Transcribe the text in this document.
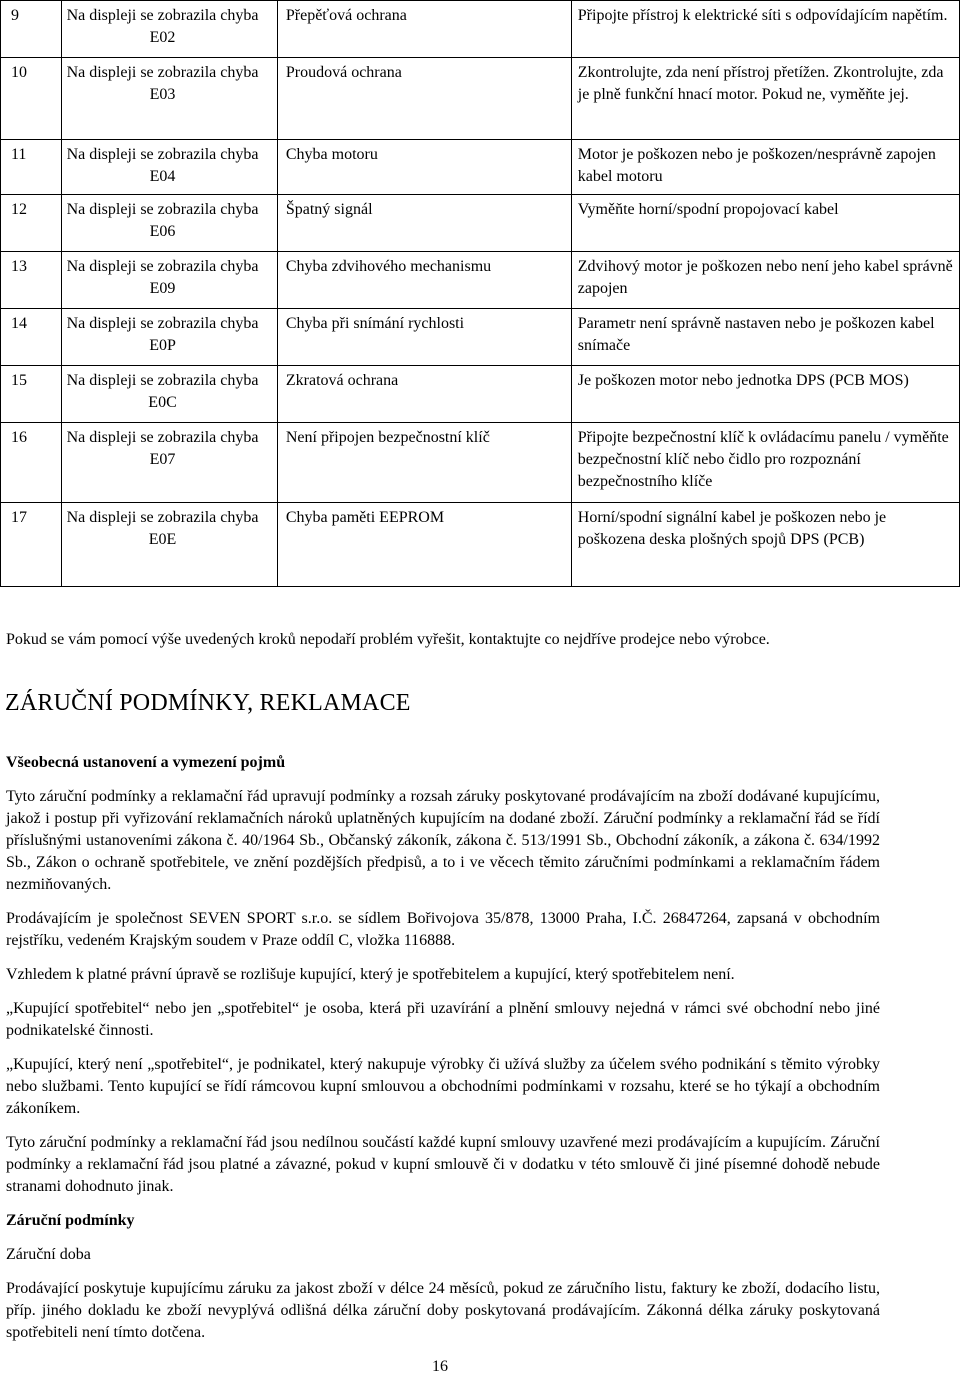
9	Na displeji se zobrazila chyba E02	Přepěťová ochrana	Připojte přístroj k elektrické síti s odpovídajícím napětím.
10	Na displeji se zobrazila chyba E03	Proudová ochrana	Zkontrolujte, zda není přístroj přetížen. Zkontrolujte, zda je plně funkční hnací motor. Pokud ne, vyměňte jej.
11	Na displeji se zobrazila chyba E04	Chyba motoru	Motor je poškozen nebo je poškozen/nesprávně zapojen kabel motoru
12	Na displeji se zobrazila chyba E06	Špatný signál	Vyměňte horní/spodní propojovací kabel
13	Na displeji se zobrazila chyba E09	Chyba zdvihového mechanismu	Zdvihový motor je poškozen nebo není jeho kabel správně zapojen
14	Na displeji se zobrazila chyba E0P	Chyba při snímání rychlosti	Parametr není správně nastaven nebo je poškozen kabel snímače
15	Na displeji se zobrazila chyba E0C	Zkratová ochrana	Je poškozen motor nebo jednotka DPS (PCB MOS)
16	Na displeji se zobrazila chyba E07	Není připojen bezpečnostní klíč	Připojte bezpečnostní klíč k ovládacímu panelu / vyměňte bezpečnostní klíč nebo čidlo pro rozpoznání bezpečnostního klíče
17	Na displeji se zobrazila chyba E0E	Chyba paměti EEPROM	Horní/spodní signální kabel je poškozen nebo je poškozena deska plošných spojů DPS (PCB)
Pokud se vám pomocí výše uvedených kroků nepodaří problém vyřešit, kontaktujte co nejdříve prodejce nebo výrobce.
ZÁRUČNÍ PODMÍNKY, REKLAMACE
Všeobecná ustanovení a vymezení pojmů
Tyto záruční podmínky a reklamační řád upravují podmínky a rozsah záruky poskytované prodávajícím na zboží dodávané kupujícímu, jakož i postup při vyřizování reklamačních nároků uplatněných kupujícím na dodané zboží. Záruční podmínky a reklamační řád se řídí příslušnými ustanoveními zákona č. 40/1964 Sb., Občanský zákoník, zákona č. 513/1991 Sb., Obchodní zákoník, a zákona č. 634/1992 Sb., Zákon o ochraně spotřebitele, ve znění pozdějších předpisů, a to i ve věcech těmito záručními podmínkami a reklamačním řádem nezmiňovaných.
Prodávajícím je společnost SEVEN SPORT s.r.o. se sídlem Bořivojova 35/878, 13000 Praha, I.Č. 26847264, zapsaná v obchodním rejstříku, vedeném Krajským soudem v Praze oddíl C, vložka 116888.
Vzhledem k platné právní úpravě se rozlišuje kupující, který je spotřebitelem a kupující, který spotřebitelem není.
„Kupující spotřebitel“ nebo jen „spotřebitel“ je osoba, která při uzavírání a plnění smlouvy nejedná v rámci své obchodní nebo jiné podnikatelské činnosti.
„Kupující, který není „spotřebitel“, je podnikatel, který nakupuje výrobky či užívá služby za účelem svého podnikání s těmito výrobky nebo službami. Tento kupující se řídí rámcovou kupní smlouvou a obchodními podmínkami v rozsahu, které se ho týkají a obchodním zákoníkem.
Tyto záruční podmínky a reklamační řád jsou nedílnou součástí každé kupní smlouvy uzavřené mezi prodávajícím a kupujícím. Záruční podmínky a reklamační řád jsou platné a závazné, pokud v kupní smlouvě či v dodatku v této smlouvě či jiné písemné dohodě nebude stranami dohodnuto jinak.
Záruční podmínky
Záruční doba
Prodávající poskytuje kupujícímu záruku za jakost zboží v délce 24 měsíců, pokud ze záručního listu, faktury ke zboží, dodacího listu, příp. jiného dokladu ke zboží nevyplývá odlišná délka záruční doby poskytovaná prodávajícím. Zákonná délka záruky poskytovaná spotřebiteli není tímto dotčena.
16
